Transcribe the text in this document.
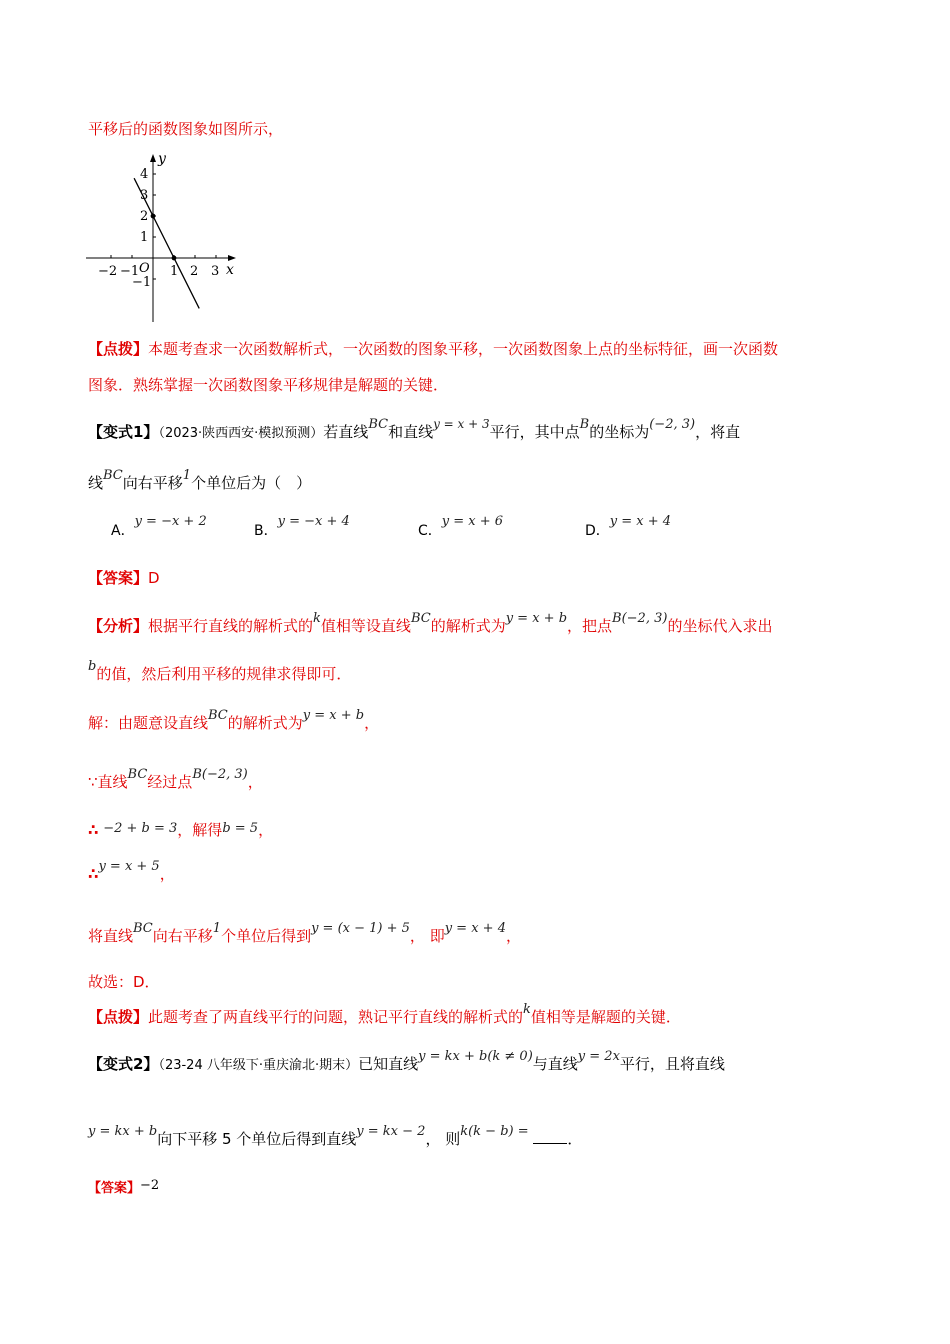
平移后的函数图象如图所示，
y
x
O
−2 −1 1 2 3
4
3
2
1
−1
【点拨】本题考查求一次函数解析式，一次函数的图象平移，一次函数图象上点的坐标特征，画一次函数
图象．熟练掌握一次函数图象平移规律是解题的关键．
【变式1】（2023·陕西西安·模拟预测）若直线BC和直线$^{y = x + 3}$平行，其中点B的坐标为(−2, 3)，将直
线BC向右平移1个单位后为（　）
A．y = −x + 2
B．y = −x + 4
C．y = x + 6
D．y = x + 4
【答案】D
【分析】根据平行直线的解析式的k值相等设直线BC的解析式为y = x + b，把点B(−2, 3)的坐标代入求出
b的值，然后利用平移的规律求得即可．
解：由题意设直线BC的解析式为y = x + b，
∵直线BC经过点B(−2, 3)，
∴ −2 + b = 3，解得b = 5，
∴y = x + 5，
将直线BC向右平移1个单位后得到y = (x − 1) + 5， 即y = x + 4，
故选：D．
【点拨】此题考查了两直线平行的问题，熟记平行直线的解析式的k值相等是解题的关键．
【变式2】（23-24 八年级下·重庆渝北·期末）已知直线y = kx + b(k ≠ 0)与直线y = 2x平行，且将直线
y = kx + b向下平移 5 个单位后得到直线y = kx − 2， 则k(k − b) =	．
【答案】−2
